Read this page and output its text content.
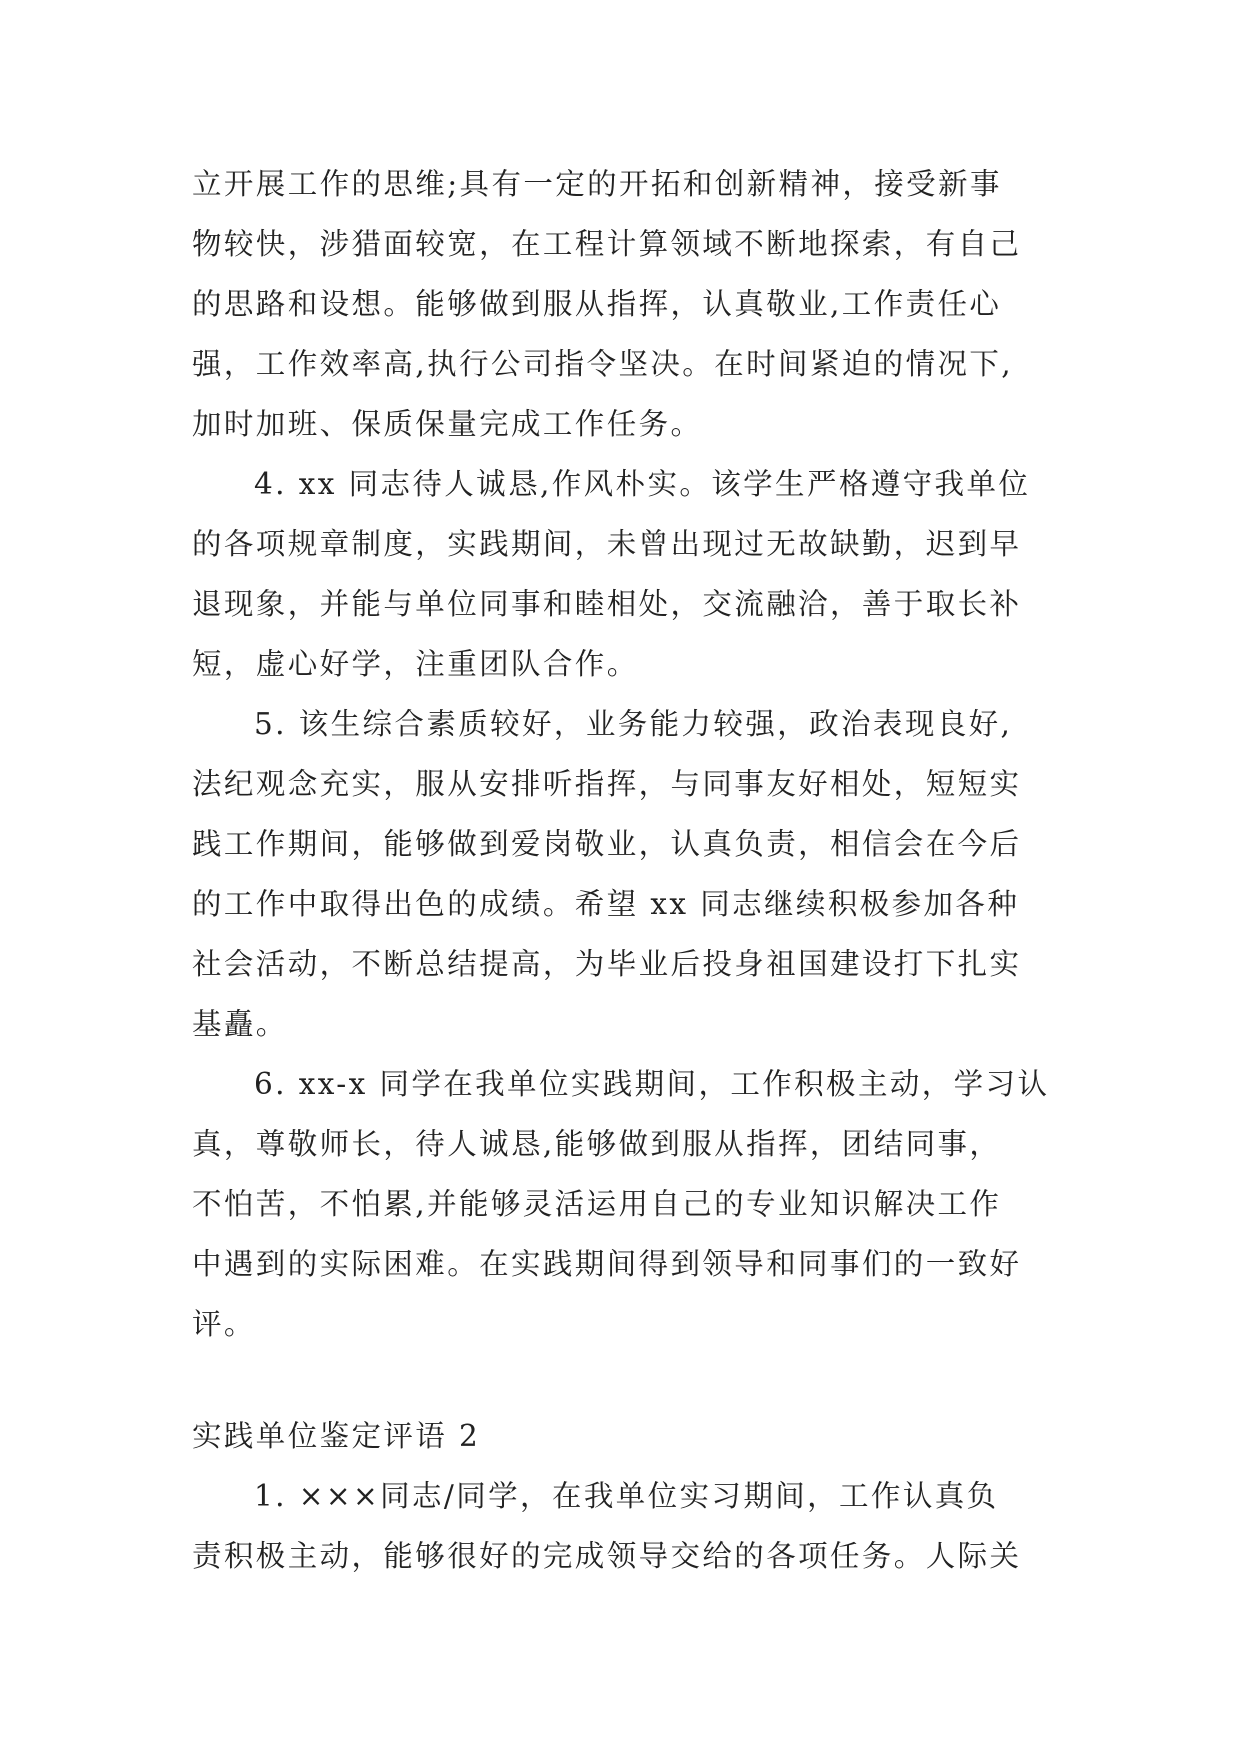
立开展工作的思维;具有一定的开拓和创新精神，接受新事
物较快，涉猎面较宽，在工程计算领域不断地探索，有自己
的思路和设想。能够做到服从指挥，认真敬业,工作责任心
强，工作效率高,执行公司指令坚决。在时间紧迫的情况下,
加时加班、保质保量完成工作任务。
4. xx 同志待人诚恳,作风朴实。该学生严格遵守我单位
的各项规章制度，实践期间，未曾出现过无故缺勤，迟到早
退现象，并能与单位同事和睦相处，交流融洽，善于取长补
短，虚心好学，注重团队合作。
5. 该生综合素质较好，业务能力较强，政治表现良好,
法纪观念充实，服从安排听指挥，与同事友好相处，短短实
践工作期间，能够做到爱岗敬业，认真负责，相信会在今后
的工作中取得出色的成绩。希望 xx 同志继续积极参加各种
社会活动，不断总结提高，为毕业后投身祖国建设打下扎实
基矗。
6. xx-x 同学在我单位实践期间，工作积极主动，学习认
真，尊敬师长，待人诚恳,能够做到服从指挥，团结同事，
不怕苦，不怕累,并能够灵活运用自己的专业知识解决工作
中遇到的实际困难。在实践期间得到领导和同事们的一致好
评。
实践单位鉴定评语 2
1. ×××同志/同学，在我单位实习期间，工作认真负
责积极主动，能够很好的完成领导交给的各项任务。人际关
